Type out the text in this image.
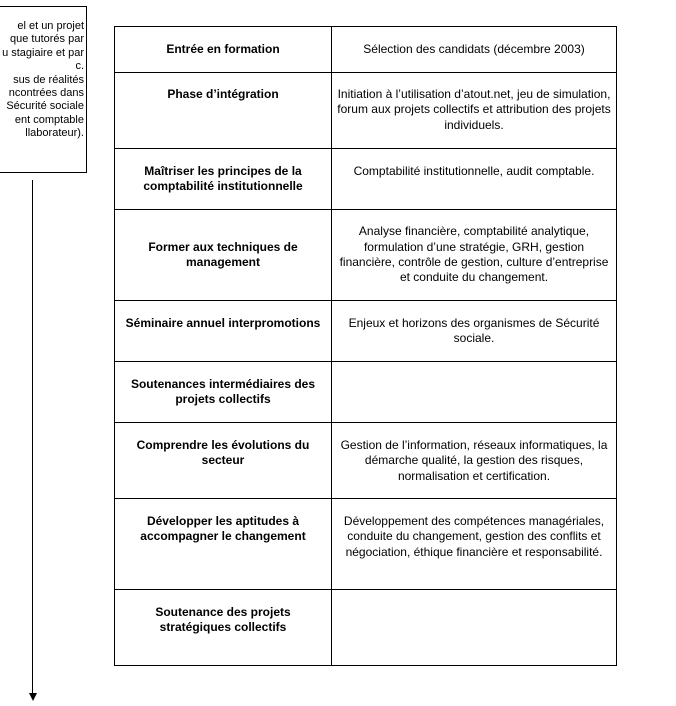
el et un projet
que tutorés par
u stagiaire et par
c.
sus de réalités
ncontrées dans
Sécurité sociale
ent comptable
llaborateur).
Entrée en formation	Sélection des candidats (décembre 2003)
Phase d’intégration	Initiation à l’utilisation d’atout.net, jeu de simulation, forum aux projets collectifs et attribution des projets individuels.
Maîtriser les principes de la comptabilité institutionnelle	Comptabilité institutionnelle, audit comptable.
Former aux techniques de management	Analyse financière, comptabilité analytique, formulation d’une stratégie, GRH, gestion financière, contrôle de gestion, culture d’entreprise et conduite du changement.
Séminaire annuel interpromotions	Enjeux et horizons des organismes de Sécurité sociale.
Soutenances intermédiaires des projets collectifs	
Comprendre les évolutions du secteur	Gestion de l’information, réseaux informatiques, la démarche qualité, la gestion des risques, normalisation et certification.
Développer les aptitudes à accompagner le changement	Développement des compétences managériales, conduite du changement, gestion des conflits et négociation, éthique financière et responsabilité.
Soutenance des projets stratégiques collectifs	
